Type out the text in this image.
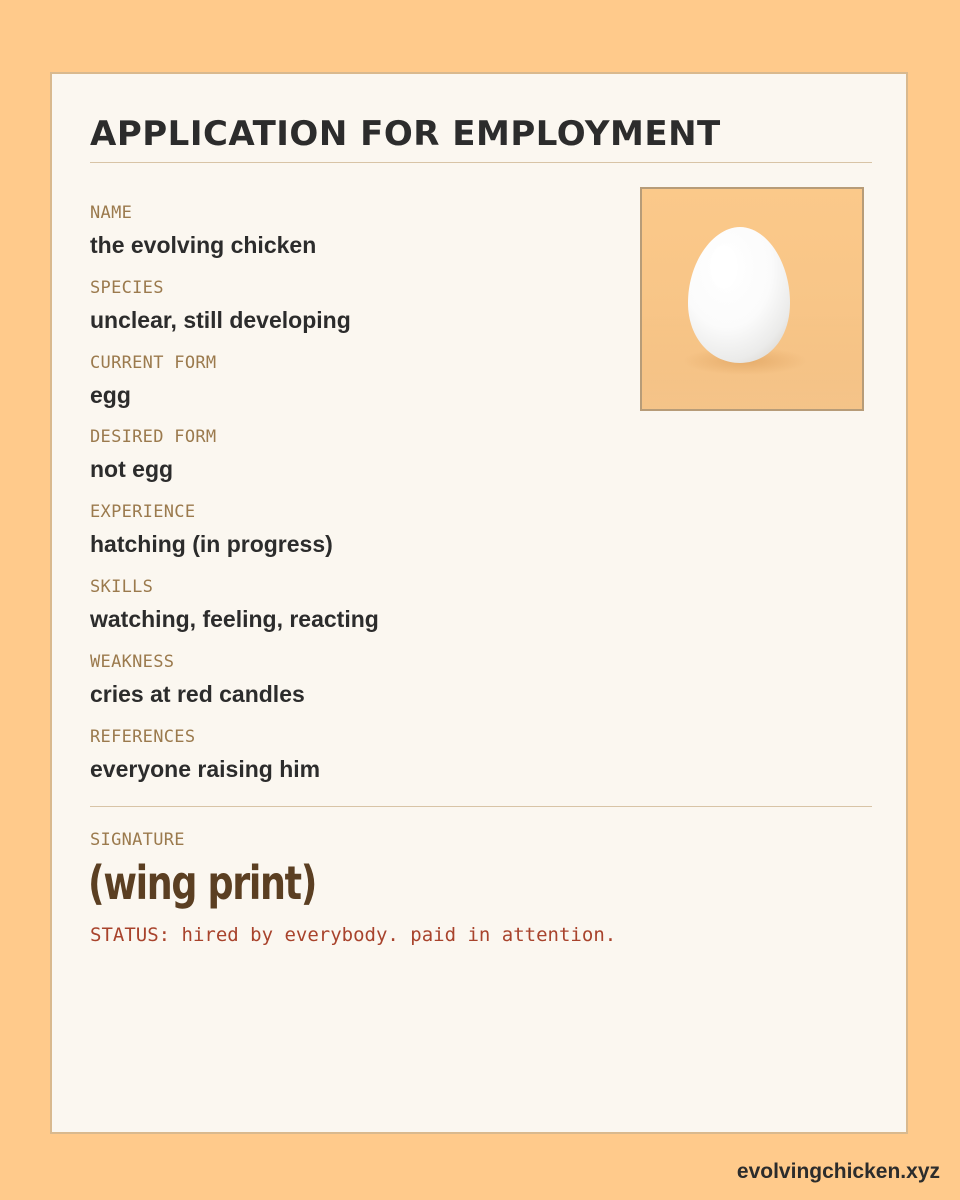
APPLICATION FOR EMPLOYMENT
NAME
the evolving chicken
SPECIES
unclear, still developing
CURRENT FORM
egg
DESIRED FORM
not egg
EXPERIENCE
hatching (in progress)
SKILLS
watching, feeling, reacting
WEAKNESS
cries at red candles
REFERENCES
everyone raising him
SIGNATURE
(wing print)
STATUS: hired by everybody. paid in attention.
evolvingchicken.xyz
